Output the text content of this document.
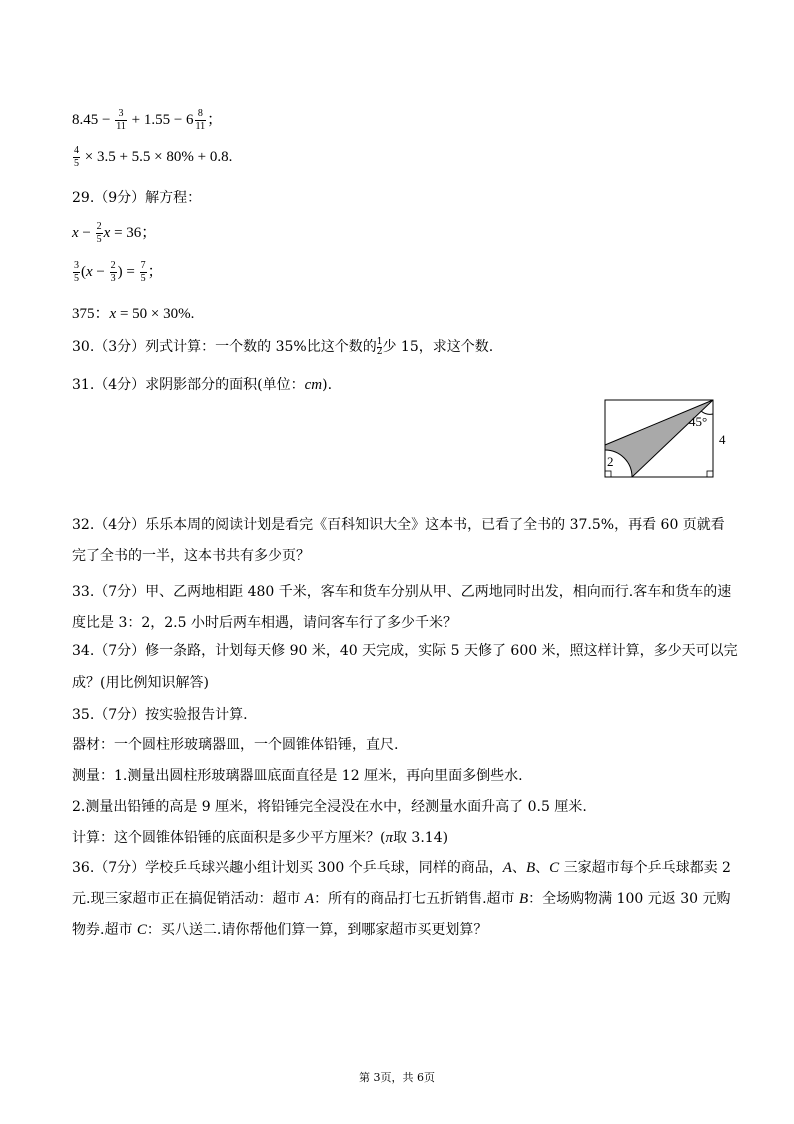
$8.45 - \frac{3}{11} + 1.55 - 6 \frac{8}{11}$ ；
$\frac{4}{5} \times 3.5 + 5.5 \times 80\% + 0.8$.
29.（9分）解方程：
$x - \frac{2}{5}$ x = 36；
$\frac{3}{5} (x - \frac{2}{3}$ ) = $\frac{7}{5}$ ；
375：x = 50 × 30%.
30.（3分）列式计算：一个数的 35%比这个数的 $\frac{1}{2}$ 少 15，求这个数.
31.（4分）求阴影部分的面积(单位：cm).
45°
4
2
32.（4分）乐乐本周的阅读计划是看完《百科知识大全》这本书，已看了全书的 37.5%，再看 60 页就看
完了全书的一半，这本书共有多少页？
33.（7分）甲、乙两地相距 480 千米，客车和货车分别从甲、乙两地同时出发，相向而行.客车和货车的速
度比是 3：2，2.5 小时后两车相遇，请问客车行了多少千米？
34.（7分）修一条路，计划每天修 90 米，40 天完成，实际 5 天修了 600 米，照这样计算，多少天可以完
成？(用比例知识解答)
35.（7分）按实验报告计算.
器材：一个圆柱形玻璃器皿，一个圆锥体铅锤，直尺.
测量：1.测量出圆柱形玻璃器皿底面直径是 12 厘米，再向里面多倒些水.
2.测量出铅锤的高是 9 厘米，将铅锤完全浸没在水中，经测量水面升高了 0.5 厘米.
计算：这个圆锥体铅锤的底面积是多少平方厘米？(π取 3.14)
36.（7分）学校乒乓球兴趣小组计划买 300 个乒乓球，同样的商品，A、B、C 三家超市每个乒乓球都卖 2
元.现三家超市正在搞促销活动：超市 A：所有的商品打七五折销售.超市 B：全场购物满 100 元返 30 元购
物券.超市 C：买八送二.请你帮他们算一算，到哪家超市买更划算？
第 3页，共 6页
